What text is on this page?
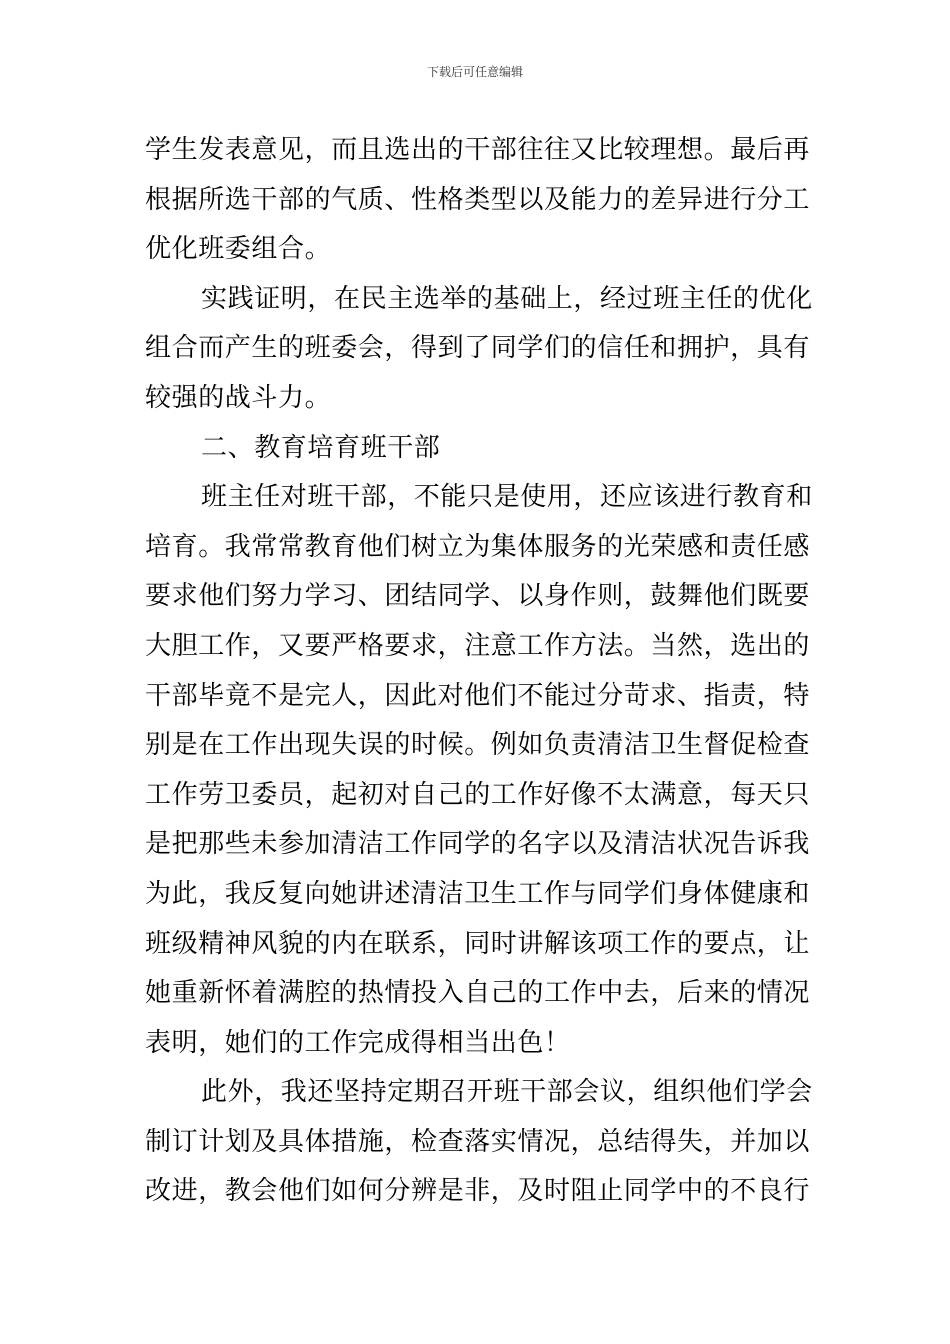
下载后可任意编辑
学生发表意见，而且选出的干部往往又比较理想。最后再
根据所选干部的气质、性格类型以及能力的差异进行分工
优化班委组合。
实践证明，在民主选举的基础上，经过班主任的优化
组合而产生的班委会，得到了同学们的信任和拥护，具有
较强的战斗力。
二、教育培育班干部
班主任对班干部，不能只是使用，还应该进行教育和
培育。我常常教育他们树立为集体服务的光荣感和责任感
要求他们努力学习、团结同学、以身作则，鼓舞他们既要
大胆工作，又要严格要求，注意工作方法。当然，选出的
干部毕竟不是完人，因此对他们不能过分苛求、指责，特
别是在工作出现失误的时候。例如负责清洁卫生督促检查
工作劳卫委员，起初对自己的工作好像不太满意，每天只
是把那些未参加清洁工作同学的名字以及清洁状况告诉我
为此，我反复向她讲述清洁卫生工作与同学们身体健康和
班级精神风貌的内在联系，同时讲解该项工作的要点，让
她重新怀着满腔的热情投入自己的工作中去，后来的情况
表明，她们的工作完成得相当出色！
此外，我还坚持定期召开班干部会议，组织他们学会
制订计划及具体措施，检查落实情况，总结得失，并加以
改进，教会他们如何分辨是非，及时阻止同学中的不良行
